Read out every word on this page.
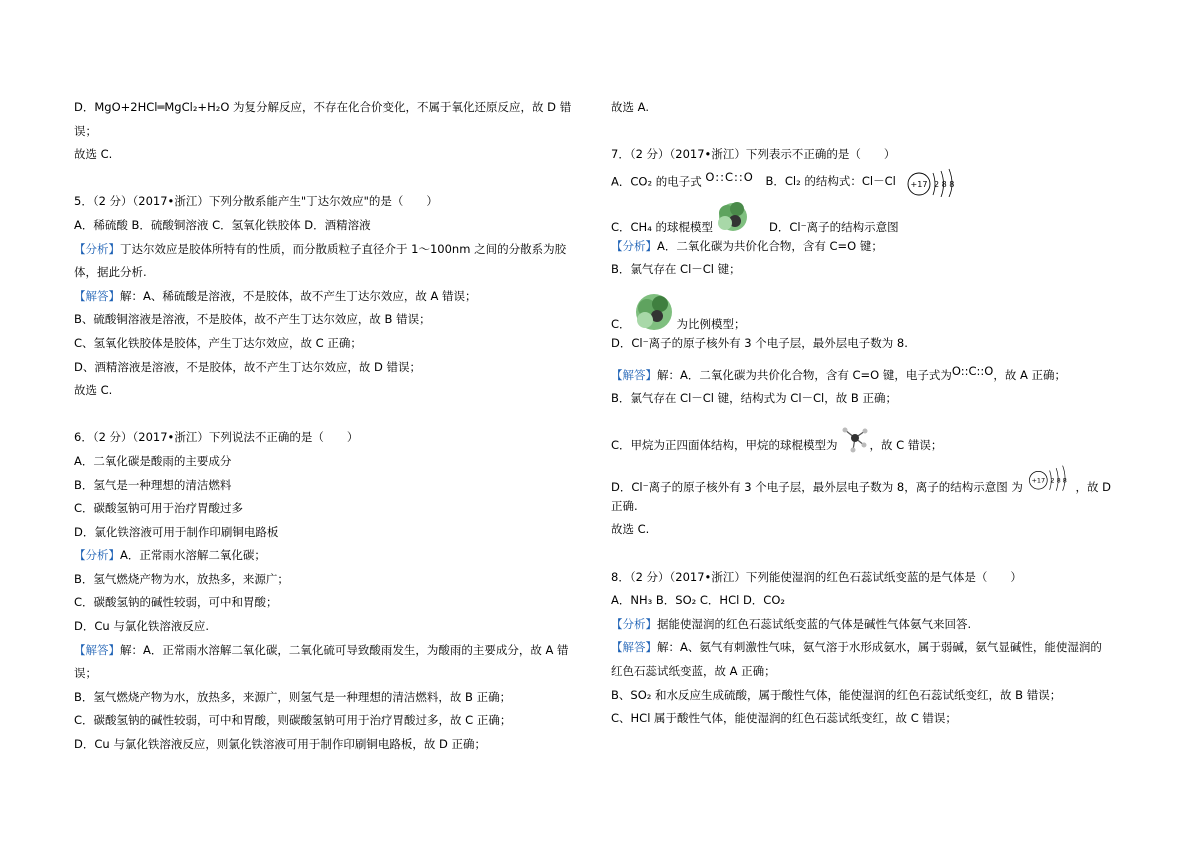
D．MgO+2HCl═MgCl₂+H₂O 为复分解反应，不存在化合价变化，不属于氧化还原反应，故 D 错
误；
故选 C.
5．（2 分）（2017•浙江）下列分散系能产生"丁达尔效应"的是（　　）
A．稀硫酸 B．硫酸铜溶液 C．氢氧化铁胶体 D．酒精溶液
【分析】丁达尔效应是胶体所特有的性质，而分散质粒子直径介于 1～100nm 之间的分散系为胶
体，据此分析.
【解答】解：A、稀硫酸是溶液，不是胶体，故不产生丁达尔效应，故 A 错误；
B、硫酸铜溶液是溶液，不是胶体，故不产生丁达尔效应，故 B 错误；
C、氢氧化铁胶体是胶体，产生丁达尔效应，故 C 正确；
D、酒精溶液是溶液，不是胶体，故不产生丁达尔效应，故 D 错误；
故选 C.
6．（2 分）（2017•浙江）下列说法不正确的是（　　）
A．二氧化碳是酸雨的主要成分
B．氢气是一种理想的清洁燃料
C．碳酸氢钠可用于治疗胃酸过多
D．氯化铁溶液可用于制作印刷铜电路板
【分析】A．正常雨水溶解二氧化碳；
B．氢气燃烧产物为水，放热多，来源广；
C．碳酸氢钠的碱性较弱，可中和胃酸；
D．Cu 与氯化铁溶液反应.
【解答】解：A．正常雨水溶解二氧化碳，二氧化硫可导致酸雨发生，为酸雨的主要成分，故 A 错
误；
B．氢气燃烧产物为水，放热多，来源广，则氢气是一种理想的清洁燃料，故 B 正确；
C．碳酸氢钠的碱性较弱，可中和胃酸，则碳酸氢钠可用于治疗胃酸过多，故 C 正确；
D．Cu 与氯化铁溶液反应，则氯化铁溶液可用于制作印刷铜电路板，故 D 正确；
故选 A.
7．（2 分）（2017•浙江）下列表示不正确的是（　　）
A．CO₂ 的电子式 O::C::O B．Cl₂ 的结构式：Cl－Cl +17 2 8 8
C．CH₄ 的球棍模型	D．Cl⁻离子的结构示意图
【分析】A．二氧化碳为共价化合物，含有 C=O 键；
B．氯气存在 Cl－Cl 键；
C．	为比例模型；
D．Cl⁻离子的原子核外有 3 个电子层，最外层电子数为 8.
【解答】解：A．二氧化碳为共价化合物，含有 C=O 键，电子式为O::C::O，故 A 正确；
B．氯气存在 Cl－Cl 键，结构式为 Cl－Cl，故 B 正确；
C．甲烷为正四面体结构，甲烷的球棍模型为	，故 C 错误；
D．Cl⁻离子的原子核外有 3 个电子层，最外层电子数为 8，离子的结构示意图 为 +17 2 8 8 ，故 D
正确.
故选 C.
8．（2 分）（2017•浙江）下列能使湿润的红色石蕊试纸变蓝的是气体是（　　）
A．NH₃ B．SO₂ C．HCl D．CO₂
【分析】据能使湿润的红色石蕊试纸变蓝的气体是碱性气体氨气来回答.
【解答】解：A、氨气有刺激性气味，氨气溶于水形成氨水，属于弱碱，氨气显碱性，能使湿润的
红色石蕊试纸变蓝，故 A 正确；
B、SO₂ 和水反应生成硫酸，属于酸性气体，能使湿润的红色石蕊试纸变红，故 B 错误；
C、HCl 属于酸性气体，能使湿润的红色石蕊试纸变红，故 C 错误；
